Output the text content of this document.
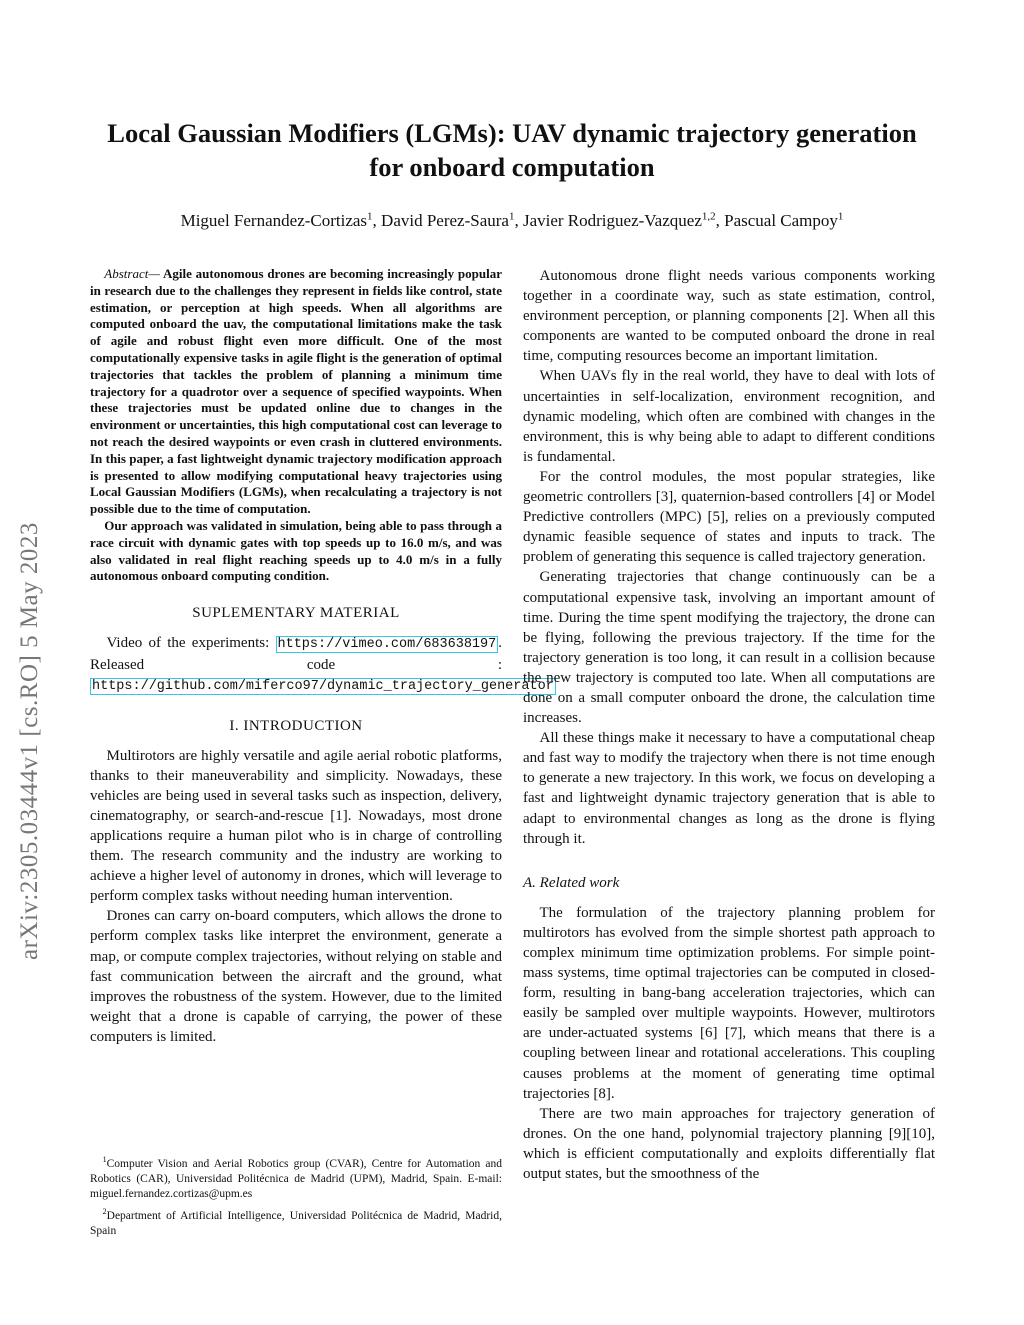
arXiv:2305.03444v1 [cs.RO] 5 May 2023
Local Gaussian Modifiers (LGMs): UAV dynamic trajectory generation
for onboard computation
Miguel Fernandez-Cortizas$^1$, David Perez-Saura$^1$, Javier Rodriguez-Vazquez$^{1,2}$, Pascual Campoy$^1$

Abstract— Agile autonomous drones are becoming increasingly popular in research due to the challenges they represent in fields like control, state estimation, or perception at high speeds. When all algorithms are computed onboard the uav, the computational limitations make the task of agile and robust flight even more difficult. One of the most computationally expensive tasks in agile flight is the generation of optimal trajectories that tackles the problem of planning a minimum time trajectory for a quadrotor over a sequence of specified waypoints. When these trajectories must be updated online due to changes in the environment or uncertainties, this high computational cost can leverage to not reach the desired waypoints or even crash in cluttered environments. In this paper, a fast lightweight dynamic trajectory modification approach is presented to allow modifying computational heavy trajectories using Local Gaussian Modifiers (LGMs), when recalculating a trajectory is not possible due to the time of computation.

Our approach was validated in simulation, being able to pass through a race circuit with dynamic gates with top speeds up to 16.0 m/s, and was also validated in real flight reaching speeds up to 4.0 m/s in a fully autonomous onboard computing condition.

SUPLEMENTARY MATERIAL

Video of the experiments: https://vimeo.com/683638197 . Released code : https://github.com/miferco97/dynamic_trajectory_generator

I. INTRODUCTION

Multirotors are highly versatile and agile aerial robotic platforms, thanks to their maneuverability and simplicity. Nowadays, these vehicles are being used in several tasks such as inspection, delivery, cinematography, or search-and-rescue [1]. Nowadays, most drone applications require a human pilot who is in charge of controlling them. The research community and the industry are working to achieve a higher level of autonomy in drones, which will leverage to perform complex tasks without needing human intervention.

Drones can carry on-board computers, which allows the drone to perform complex tasks like interpret the environment, generate a map, or compute complex trajectories, without relying on stable and fast communication between the aircraft and the ground, what improves the robustness of the system. However, due to the limited weight that a drone is capable of carrying, the power of these computers is limited.

Autonomous drone flight needs various components working together in a coordinate way, such as state estimation, control, environment perception, or planning components [2]. When all this components are wanted to be computed onboard the drone in real time, computing resources become an important limitation.

When UAVs fly in the real world, they have to deal with lots of uncertainties in self-localization, environment recognition, and dynamic modeling, which often are combined with changes in the environment, this is why being able to adapt to different conditions is fundamental.

For the control modules, the most popular strategies, like geometric controllers [3], quaternion-based controllers [4] or Model Predictive controllers (MPC) [5], relies on a previously computed dynamic feasible sequence of states and inputs to track. The problem of generating this sequence is called trajectory generation.

Generating trajectories that change continuously can be a computational expensive task, involving an important amount of time. During the time spent modifying the trajectory, the drone can be flying, following the previous trajectory. If the time for the trajectory generation is too long, it can result in a collision because the new trajectory is computed too late. When all computations are done on a small computer onboard the drone, the calculation time increases.

All these things make it necessary to have a computational cheap and fast way to modify the trajectory when there is not time enough to generate a new trajectory. In this work, we focus on developing a fast and lightweight dynamic trajectory generation that is able to adapt to environmental changes as long as the drone is flying through it.

A. Related work

The formulation of the trajectory planning problem for multirotors has evolved from the simple shortest path approach to complex minimum time optimization problems. For simple point-mass systems, time optimal trajectories can be computed in closed-form, resulting in bang-bang acceleration trajectories, which can easily be sampled over multiple waypoints. However, multirotors are under-actuated systems [6] [7], which means that there is a coupling between linear and rotational accelerations. This coupling causes problems at the moment of generating time optimal trajectories [8].

There are two main approaches for trajectory generation of drones. On the one hand, polynomial trajectory planning [9][10], which is efficient computationally and exploits differentially flat output states, but the smoothness of the

$^1$Computer Vision and Aerial Robotics group (CVAR), Centre for Automation and Robotics (CAR), Universidad Politécnica de Madrid (UPM), Madrid, Spain. E-mail: miguel.fernandez.cortizas@upm.es

$^2$Department of Artificial Intelligence, Universidad Politécnica de Madrid, Madrid, Spain
